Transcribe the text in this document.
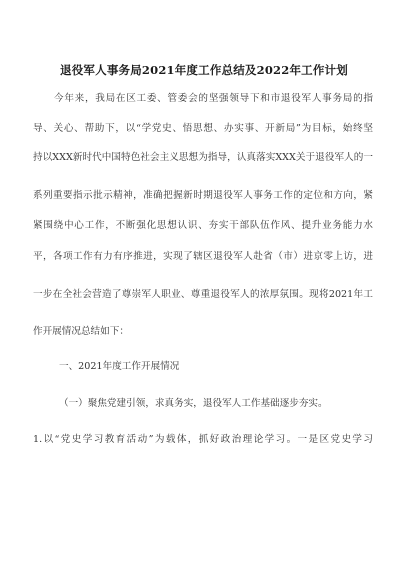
退役军人事务局2021年度工作总结及2022年工作计划
今年来，我局在区工委、管委会的坚强领导下和市退役军人事务局的指
导、关心、帮助下，以“学党史、悟思想、办实事、开新局”为目标，始终坚
持以XXX新时代中国特色社会主义思想为指导，认真落实XXX关于退役军人的一
系列重要指示批示精神，准确把握新时期退役军人事务工作的定位和方向，紧
紧围绕中心工作，不断强化思想认识、夯实干部队伍作风、提升业务能力水
平，各项工作有力有序推进，实现了辖区退役军人赴省（市）进京零上访，进
一步在全社会营造了尊崇军人职业、尊重退役军人的浓厚氛围。现将2021年工
作开展情况总结如下：
一、2021年度工作开展情况
（一）聚焦党建引领，求真务实，退役军人工作基础逐步夯实。
1.以“党史学习教育活动”为载体，抓好政治理论学习。一是区党史学习
